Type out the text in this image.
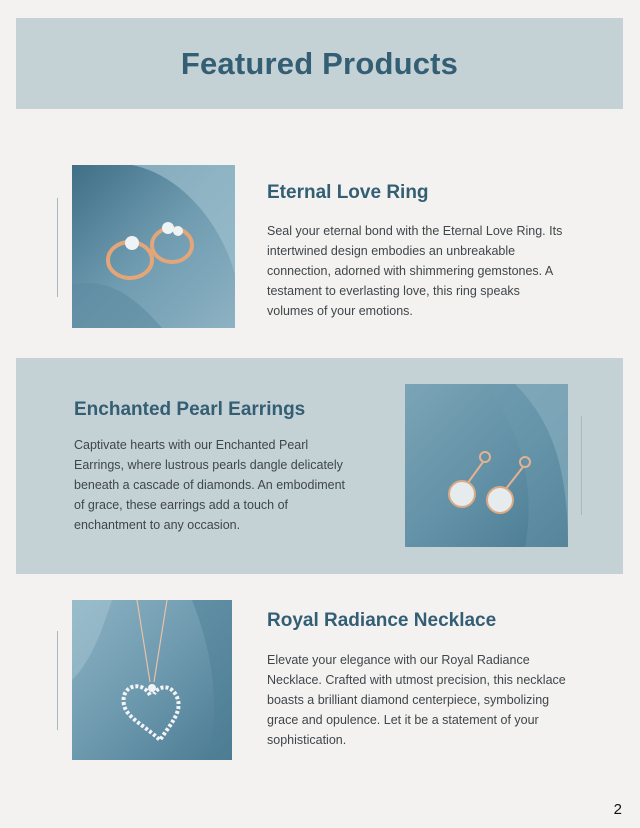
Featured Products
Eternal Love Ring

Seal your eternal bond with the Eternal Love Ring. Its intertwined design embodies an unbreakable connection, adorned with shimmering gemstones. A testament to everlasting love, this ring speaks volumes of your emotions.

Enchanted Pearl Earrings

Captivate hearts with our Enchanted Pearl Earrings, where lustrous pearls dangle delicately beneath a cascade of diamonds. An embodiment of grace, these earrings add a touch of enchantment to any occasion.

Royal Radiance Necklace

Elevate your elegance with our Royal Radiance Necklace. Crafted with utmost precision, this necklace boasts a brilliant diamond centerpiece, symbolizing grace and opulence. Let it be a statement of your sophistication.

2
